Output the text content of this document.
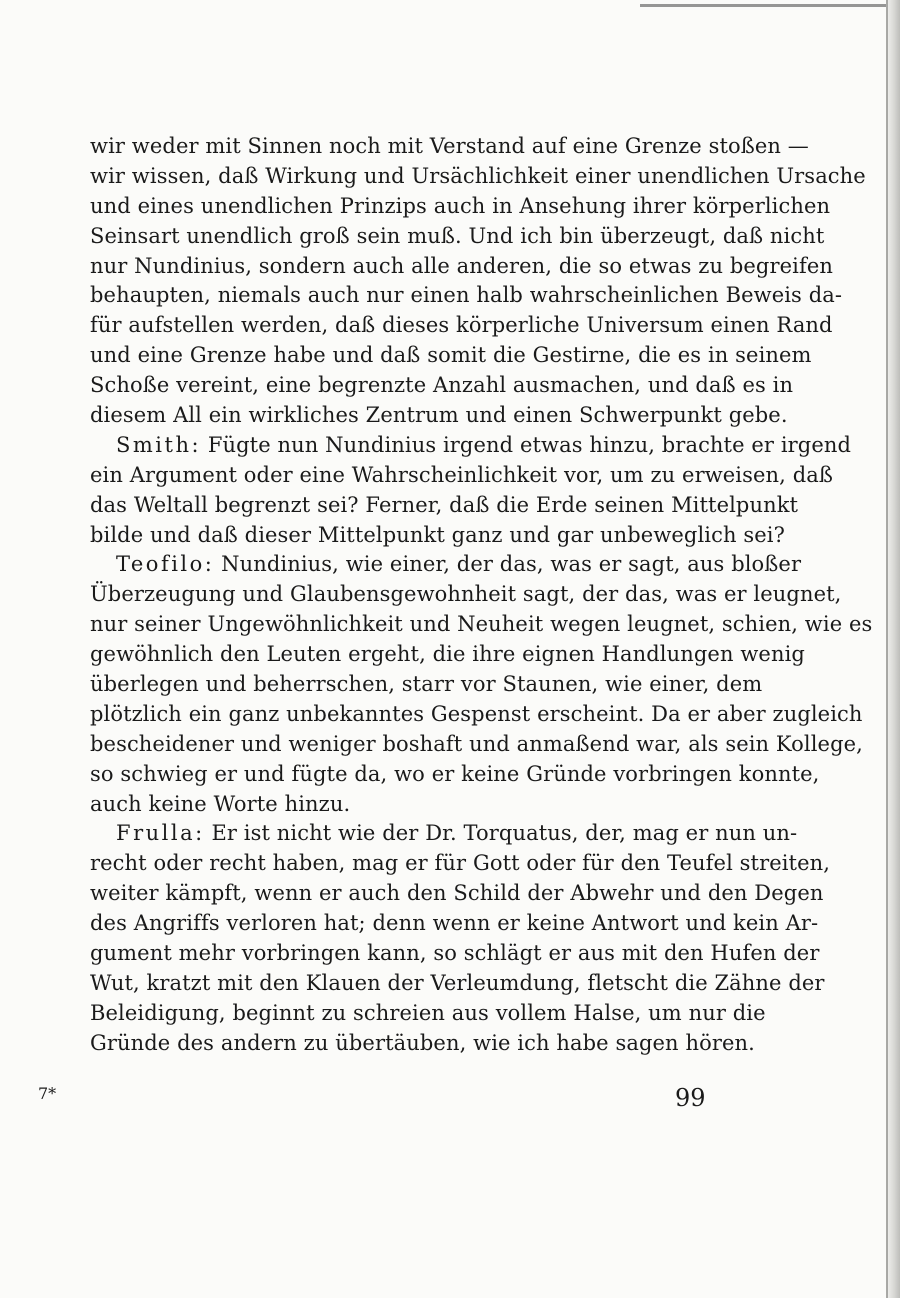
wir weder mit Sinnen noch mit Verstand auf eine Grenze stoßen —
wir wissen, daß Wirkung und Ursächlichkeit einer unendlichen Ursache
und eines unendlichen Prinzips auch in Ansehung ihrer körperlichen
Seinsart unendlich groß sein muß. Und ich bin überzeugt, daß nicht
nur Nundinius, sondern auch alle anderen, die so etwas zu begreifen
behaupten, niemals auch nur einen halb wahrscheinlichen Beweis da-
für aufstellen werden, daß dieses körperliche Universum einen Rand
und eine Grenze habe und daß somit die Gestirne, die es in seinem
Schoße vereint, eine begrenzte Anzahl ausmachen, und daß es in
diesem All ein wirkliches Zentrum und einen Schwerpunkt gebe.

Smith: Fügte nun Nundinius irgend etwas hinzu, brachte er irgend
ein Argument oder eine Wahrscheinlichkeit vor, um zu erweisen, daß
das Weltall begrenzt sei? Ferner, daß die Erde seinen Mittelpunkt
bilde und daß dieser Mittelpunkt ganz und gar unbeweglich sei?

Teofilo: Nundinius, wie einer, der das, was er sagt, aus bloßer
Überzeugung und Glaubensgewohnheit sagt, der das, was er leugnet,
nur seiner Ungewöhnlichkeit und Neuheit wegen leugnet, schien, wie es
gewöhnlich den Leuten ergeht, die ihre eignen Handlungen wenig
überlegen und beherrschen, starr vor Staunen, wie einer, dem
plötzlich ein ganz unbekanntes Gespenst erscheint. Da er aber zugleich
bescheidener und weniger boshaft und anmaßend war, als sein Kollege,
so schwieg er und fügte da, wo er keine Gründe vorbringen konnte,
auch keine Worte hinzu.

Frulla: Er ist nicht wie der Dr. Torquatus, der, mag er nun un-
recht oder recht haben, mag er für Gott oder für den Teufel streiten,
weiter kämpft, wenn er auch den Schild der Abwehr und den Degen
des Angriffs verloren hat; denn wenn er keine Antwort und kein Ar-
gument mehr vorbringen kann, so schlägt er aus mit den Hufen der
Wut, kratzt mit den Klauen der Verleumdung, fletscht die Zähne der
Beleidigung, beginnt zu schreien aus vollem Halse, um nur die
Gründe des andern zu übertäuben, wie ich habe sagen hören.

7*	99
